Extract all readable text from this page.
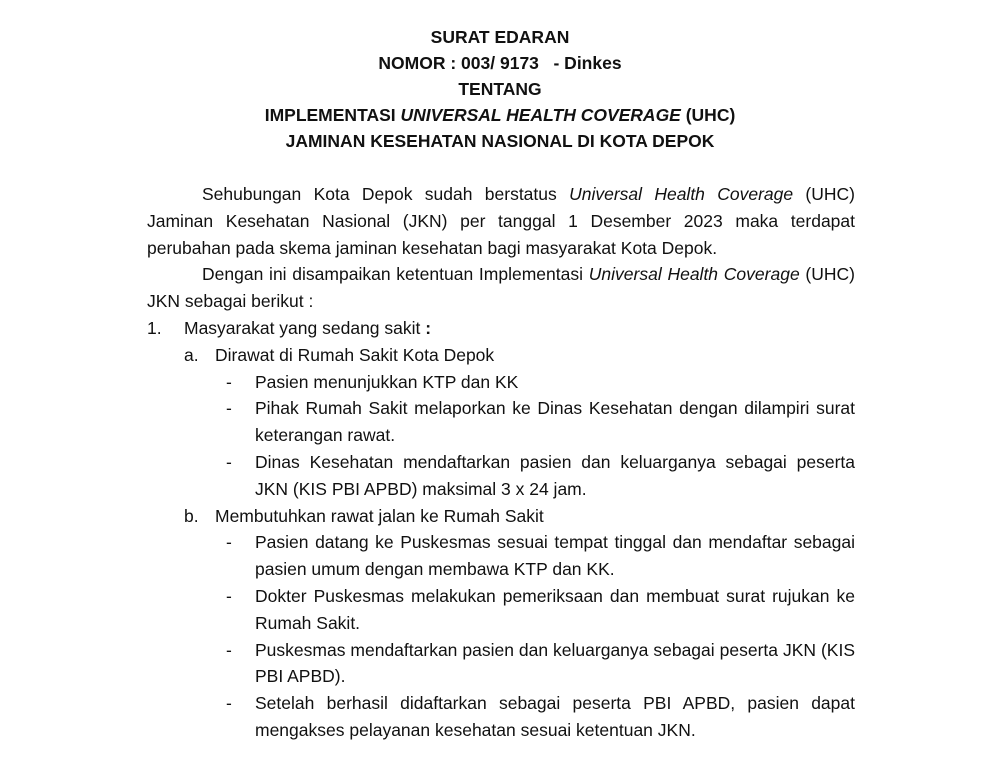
SURAT EDARAN
NOMOR : 003/ 9173   - Dinkes
TENTANG
IMPLEMENTASI UNIVERSAL HEALTH COVERAGE (UHC)
JAMINAN KESEHATAN NASIONAL DI KOTA DEPOK

Sehubungan Kota Depok sudah berstatus Universal Health Coverage (UHC) Jaminan Kesehatan Nasional (JKN) per tanggal 1 Desember 2023 maka terdapat perubahan pada skema jaminan kesehatan bagi masyarakat Kota Depok.

Dengan ini disampaikan ketentuan Implementasi Universal Health Coverage (UHC) JKN sebagai berikut :

1.	Masyarakat yang sedang sakit :
a. Dirawat di Rumah Sakit Kota Depok
-	Pasien menunjukkan KTP dan KK
-	Pihak Rumah Sakit melaporkan ke Dinas Kesehatan dengan dilampiri surat keterangan rawat.
-	Dinas Kesehatan mendaftarkan pasien dan keluarganya sebagai peserta JKN (KIS PBI APBD) maksimal 3 x 24 jam.
b. Membutuhkan rawat jalan ke Rumah Sakit
-	Pasien datang ke Puskesmas sesuai tempat tinggal dan mendaftar sebagai pasien umum dengan membawa KTP dan KK.
-	Dokter Puskesmas melakukan pemeriksaan dan membuat surat rujukan ke Rumah Sakit.
-	Puskesmas mendaftarkan pasien dan keluarganya sebagai peserta JKN (KIS PBI APBD).
-	Setelah berhasil didaftarkan sebagai peserta PBI APBD, pasien dapat mengakses pelayanan kesehatan sesuai ketentuan JKN.
